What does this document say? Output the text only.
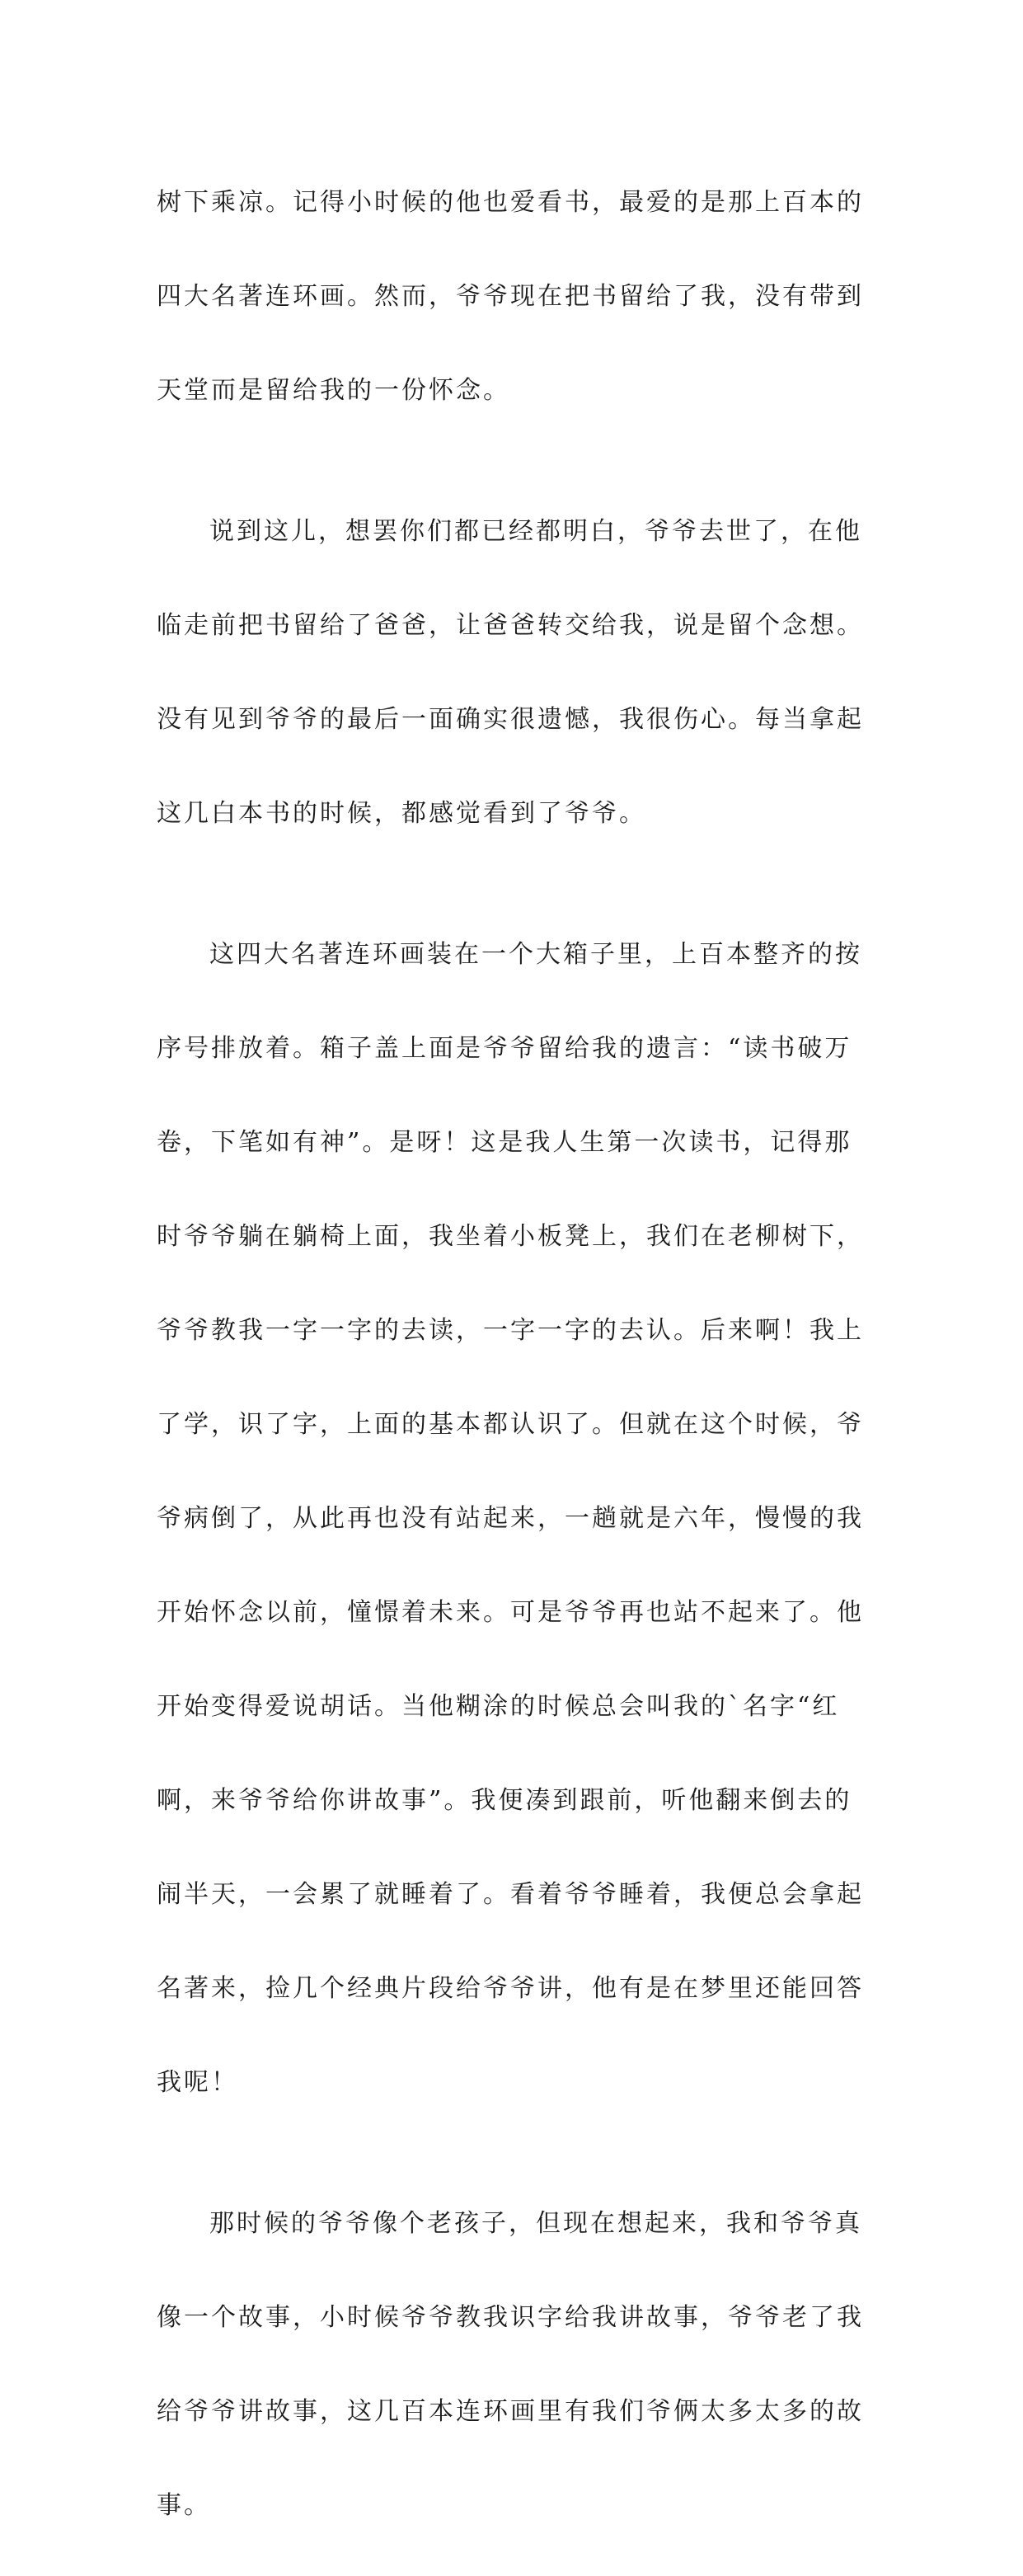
树下乘凉。记得小时候的他也爱看书，最爱的是那上百本的

四大名著连环画。然而，爷爷现在把书留给了我，没有带到

天堂而是留给我的一份怀念。

说到这儿，想罢你们都已经都明白，爷爷去世了，在他

临走前把书留给了爸爸，让爸爸转交给我，说是留个念想。

没有见到爷爷的最后一面确实很遗憾，我很伤心。每当拿起

这几白本书的时候，都感觉看到了爷爷。

这四大名著连环画装在一个大箱子里，上百本整齐的按

序号排放着。箱子盖上面是爷爷留给我的遗言：“读书破万

卷，下笔如有神”。是呀！这是我人生第一次读书，记得那

时爷爷躺在躺椅上面，我坐着小板凳上，我们在老柳树下，

爷爷教我一字一字的去读，一字一字的去认。后来啊！我上

了学，识了字，上面的基本都认识了。但就在这个时候，爷

爷病倒了，从此再也没有站起来，一趟就是六年，慢慢的我

开始怀念以前，憧憬着未来。可是爷爷再也站不起来了。他

开始变得爱说胡话。当他糊涂的时候总会叫我的`名字“红

啊，来爷爷给你讲故事”。我便凑到跟前，听他翻来倒去的

闹半天，一会累了就睡着了。看着爷爷睡着，我便总会拿起

名著来，捡几个经典片段给爷爷讲，他有是在梦里还能回答

我呢！

那时候的爷爷像个老孩子，但现在想起来，我和爷爷真

像一个故事，小时候爷爷教我识字给我讲故事，爷爷老了我

给爷爷讲故事，这几百本连环画里有我们爷俩太多太多的故

事。
